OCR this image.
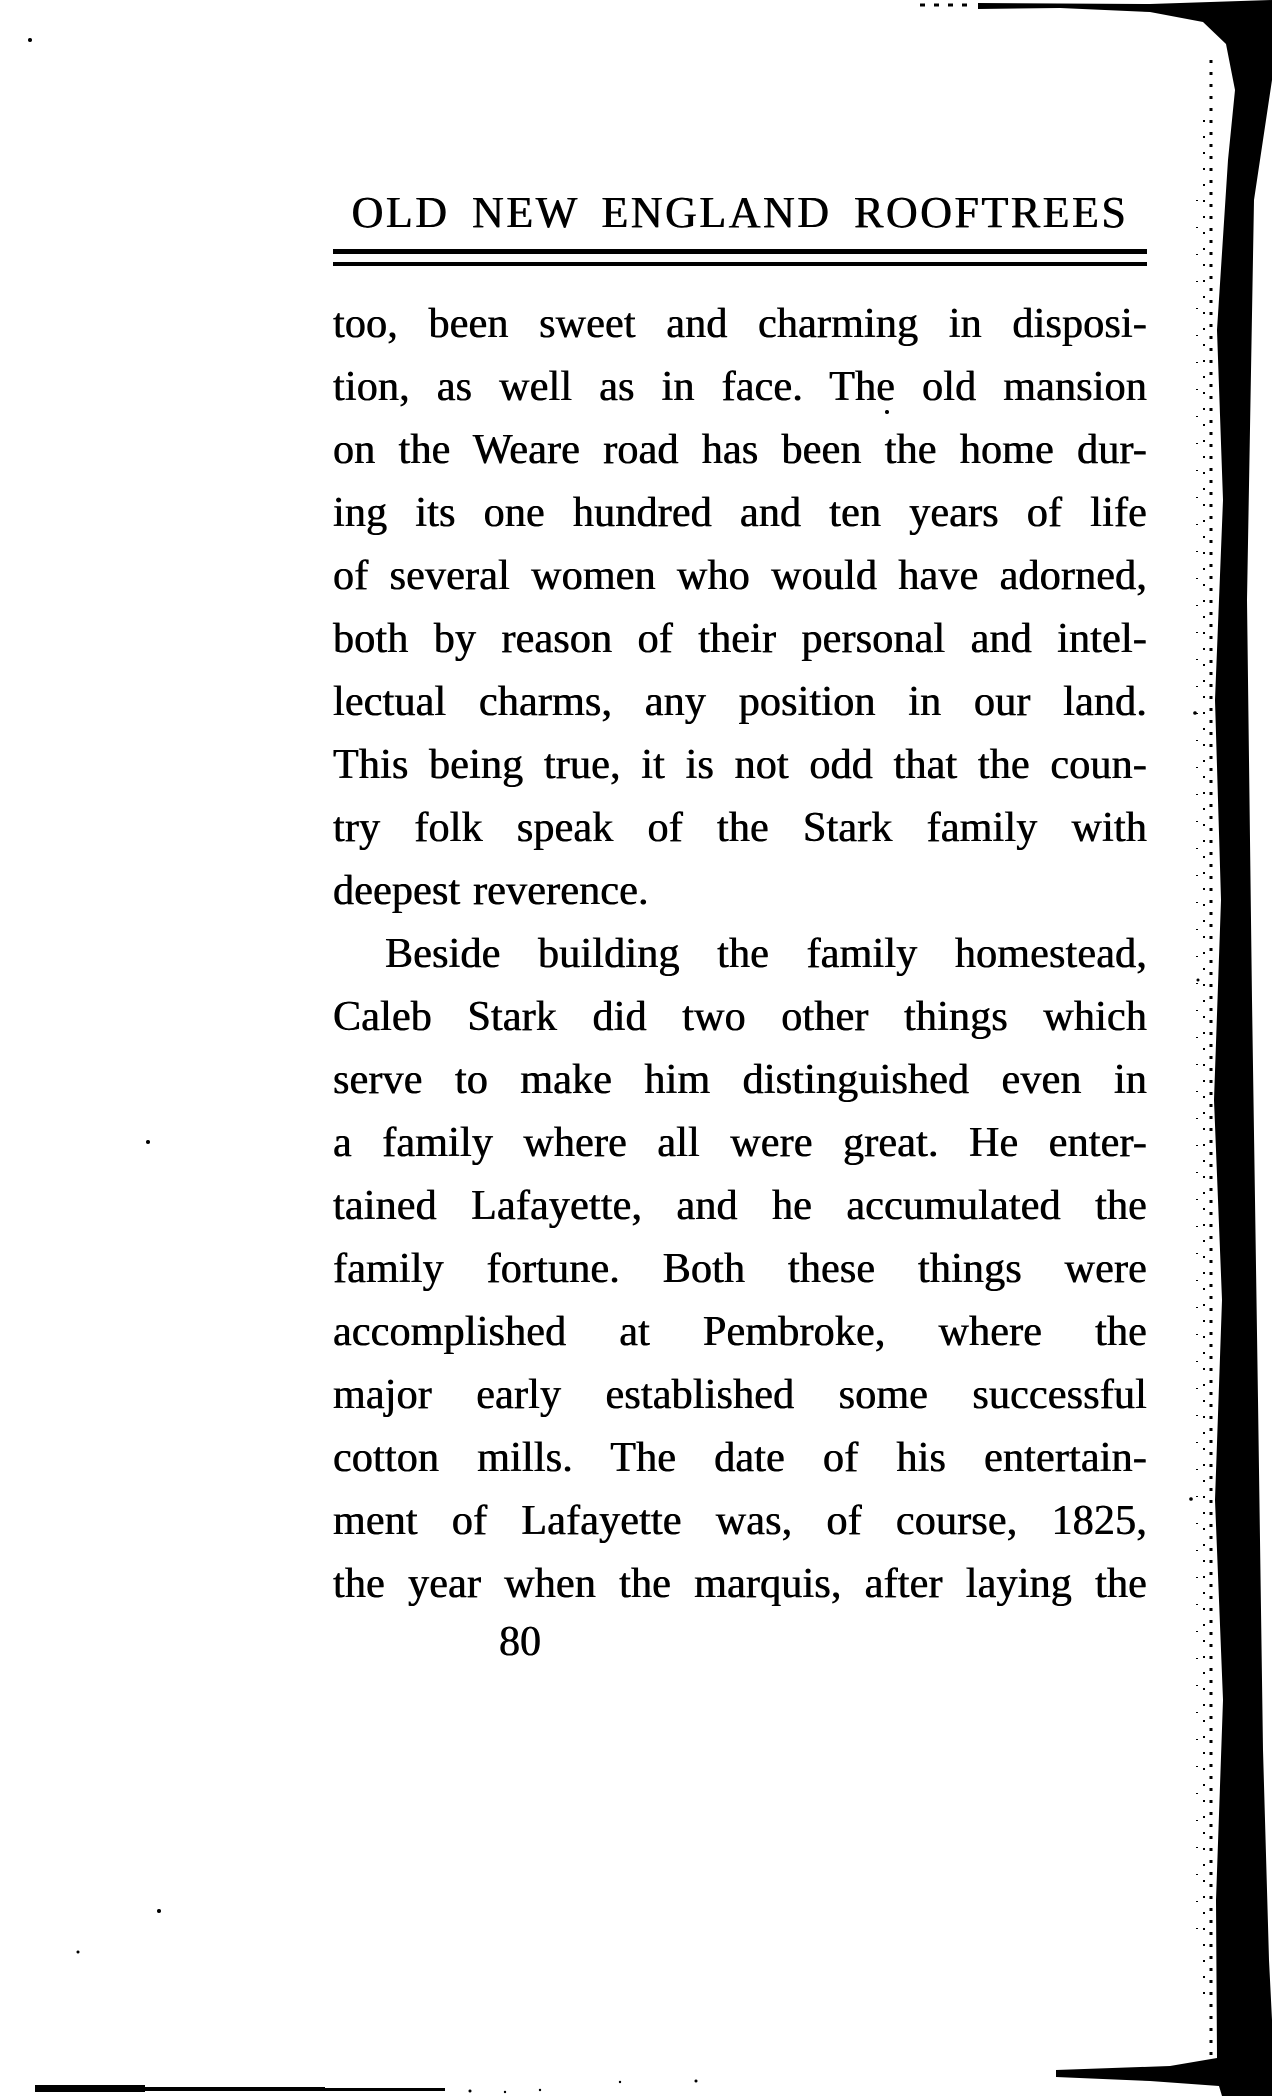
OLD NEW ENGLAND ROOFTREES
too, been sweet and charming in disposi-
tion, as well as in face. The old mansion
on the Weare road has been the home dur-
ing its one hundred and ten years of life
of several women who would have adorned,
both by reason of their personal and intel-
lectual charms, any position in our land.
This being true, it is not odd that the coun-
try folk speak of the Stark family with
deepest reverence.
Beside building the family homestead,
Caleb Stark did two other things which
serve to make him distinguished even in
a family where all were great. He enter-
tained Lafayette, and he accumulated the
family fortune. Both these things were
accomplished at Pembroke, where the
major early established some successful
cotton mills. The date of his entertain-
ment of Lafayette was, of course, 1825,
the year when the marquis, after laying the
80
